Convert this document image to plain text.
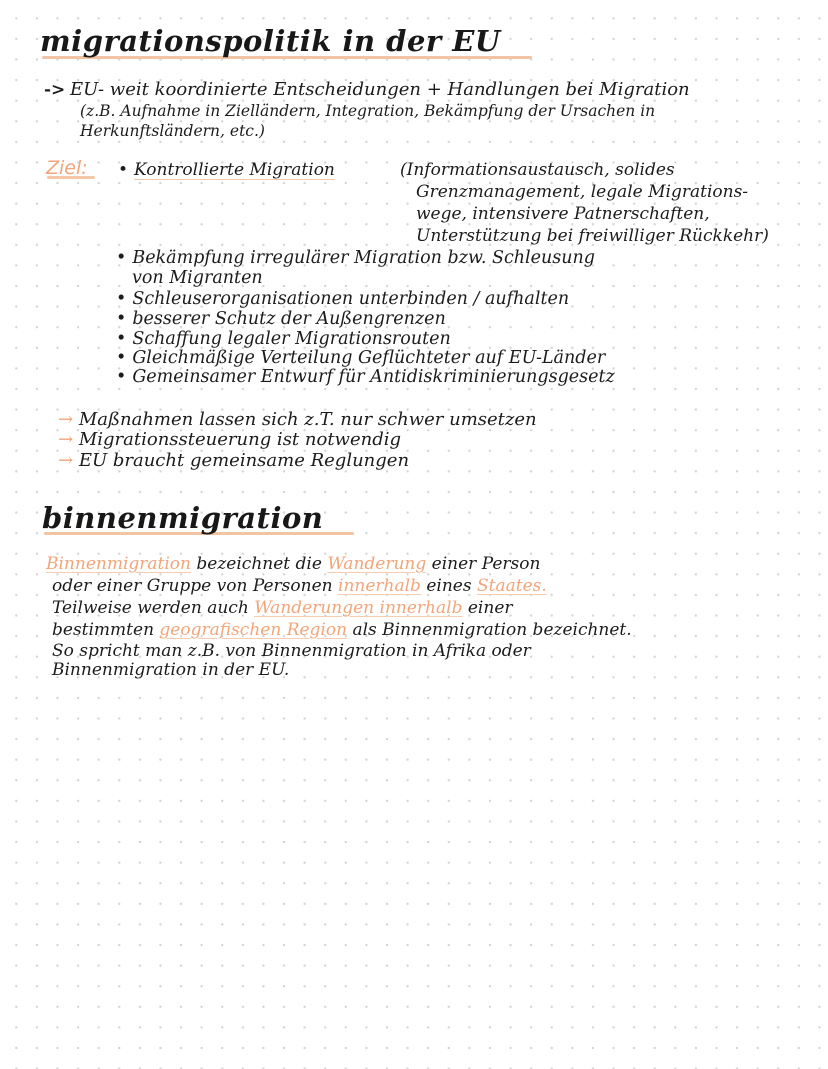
migrationspolitik in der EU
-> EU- weit koordinierte Entscheidungen + Handlungen bei Migration
(z.B. Aufnahme in Zielländern, Integration, Bekämpfung der Ursachen in
Herkunftsländern, etc.)
Ziel: • Kontrollierte Migration	(Informationsaustausch, solides
Grenzmanagement, legale Migrations-
wege, intensivere Patnerschaften,
Unterstützung bei freiwilliger Rückkehr)
• Bekämpfung irregulärer Migration bzw. Schleusung
von Migranten
• Schleuserorganisationen unterbinden / aufhalten
• besserer Schutz der Außengrenzen
• Schaffung legaler Migrationsrouten
• Gleichmäßige Verteilung Geflüchteter auf EU-Länder
• Gemeinsamer Entwurf für Antidiskriminierungsgesetz
→ Maßnahmen lassen sich z.T. nur schwer umsetzen
→ Migrationssteuerung ist notwendig
→ EU braucht gemeinsame Reglungen
binnenmigration
Binnenmigration bezeichnet die Wanderung einer Person
oder einer Gruppe von Personen innerhalb eines Staates.
Teilweise werden auch Wanderungen innerhalb einer
bestimmten geografischen Region als Binnenmigration bezeichnet.
So spricht man z.B. von Binnenmigration in Afrika oder
Binnenmigration in der EU.
